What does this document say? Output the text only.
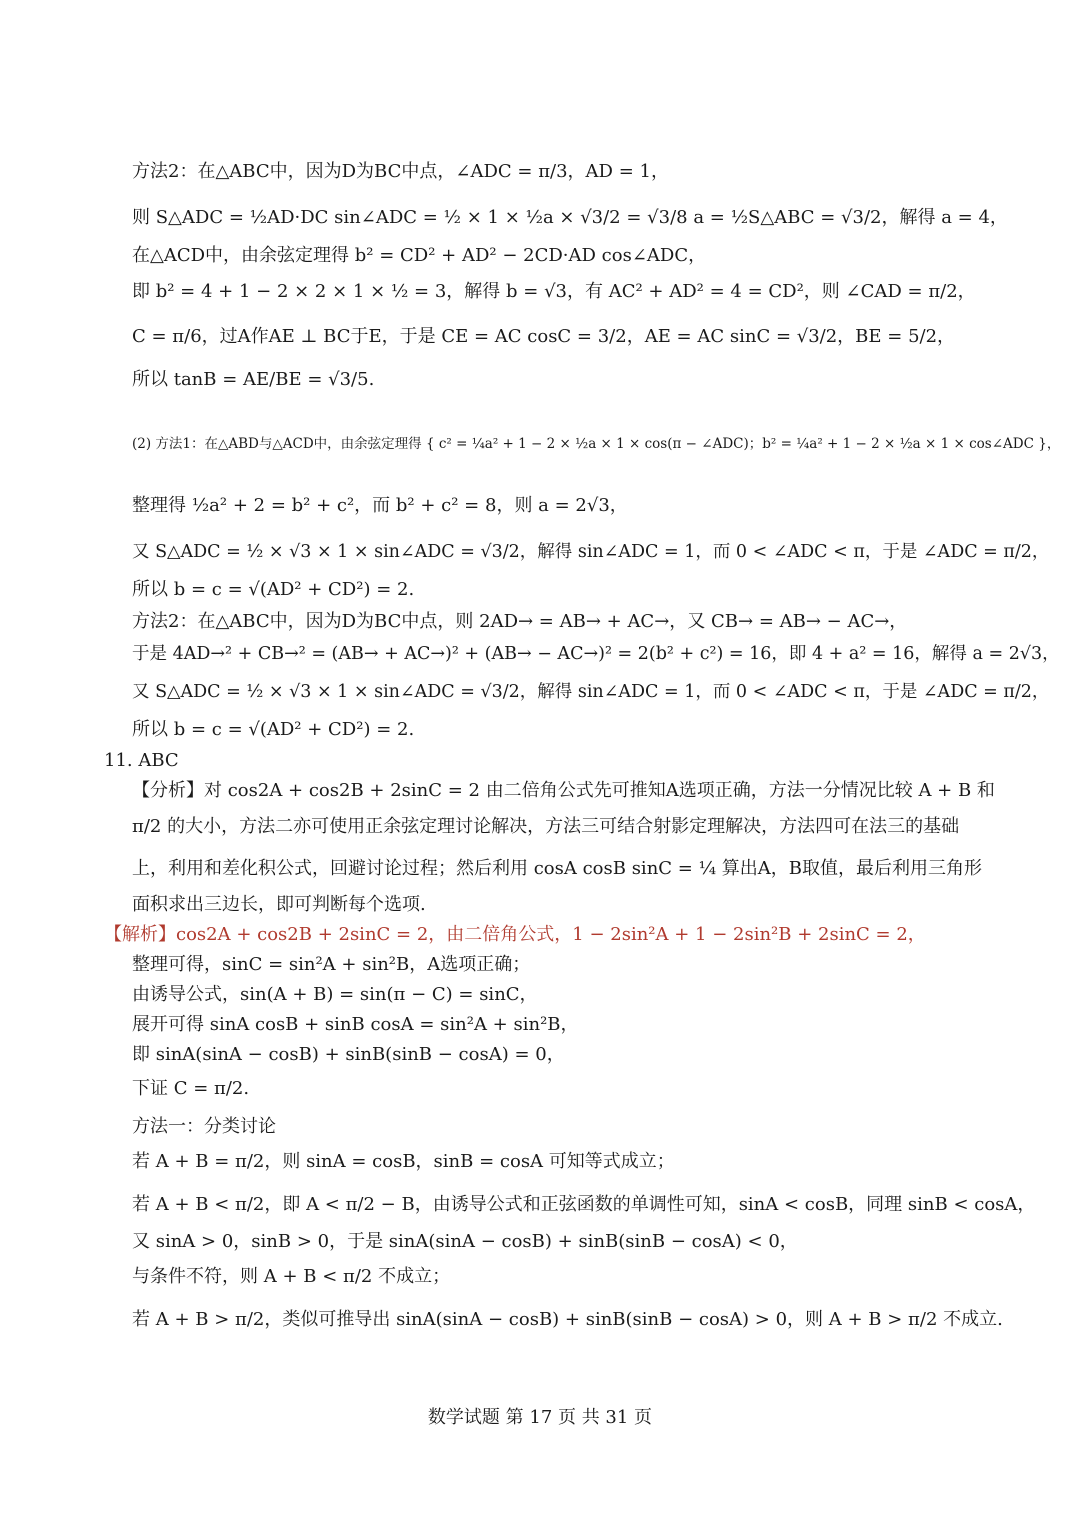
方法2：在△ABC中，因为D为BC中点，∠ADC = π/3，AD = 1，
则 S△ADC = ½AD·DC sin∠ADC = ½ × 1 × ½a × √3/2 = √3/8 a = ½S△ABC = √3/2，解得 a = 4，
在△ACD中，由余弦定理得 b² = CD² + AD² − 2CD·AD cos∠ADC，
即 b² = 4 + 1 − 2 × 2 × 1 × ½ = 3，解得 b = √3，有 AC² + AD² = 4 = CD²，则 ∠CAD = π/2，
C = π/6，过A作AE ⊥ BC于E，于是 CE = AC cosC = 3/2，AE = AC sinC = √3/2，BE = 5/2，
所以 tanB = AE/BE = √3/5.
(2) 方法1：在△ABD与△ACD中，由余弦定理得 { c² = ¼a² + 1 − 2 × ½a × 1 × cos(π − ∠ADC)；b² = ¼a² + 1 − 2 × ½a × 1 × cos∠ADC }，
整理得 ½a² + 2 = b² + c²，而 b² + c² = 8，则 a = 2√3，
又 S△ADC = ½ × √3 × 1 × sin∠ADC = √3/2，解得 sin∠ADC = 1，而 0 < ∠ADC < π，于是 ∠ADC = π/2，
所以 b = c = √(AD² + CD²) = 2.
方法2：在△ABC中，因为D为BC中点，则 2AD→ = AB→ + AC→，又 CB→ = AB→ − AC→，
于是 4AD→² + CB→² = (AB→ + AC→)² + (AB→ − AC→)² = 2(b² + c²) = 16，即 4 + a² = 16，解得 a = 2√3，
又 S△ADC = ½ × √3 × 1 × sin∠ADC = √3/2，解得 sin∠ADC = 1，而 0 < ∠ADC < π，于是 ∠ADC = π/2，
所以 b = c = √(AD² + CD²) = 2.
11. ABC
【分析】对 cos2A + cos2B + 2sinC = 2 由二倍角公式先可推知A选项正确，方法一分情况比较 A + B 和
π/2 的大小，方法二亦可使用正余弦定理讨论解决，方法三可结合射影定理解决，方法四可在法三的基础
上，利用和差化积公式，回避讨论过程；然后利用 cosA cosB sinC = ¼ 算出A，B取值，最后利用三角形
面积求出三边长，即可判断每个选项.
【解析】cos2A + cos2B + 2sinC = 2，由二倍角公式，1 − 2sin²A + 1 − 2sin²B + 2sinC = 2，
整理可得，sinC = sin²A + sin²B，A选项正确；
由诱导公式，sin(A + B) = sin(π − C) = sinC，
展开可得 sinA cosB + sinB cosA = sin²A + sin²B，
即 sinA(sinA − cosB) + sinB(sinB − cosA) = 0，
下证 C = π/2.
方法一：分类讨论
若 A + B = π/2，则 sinA = cosB，sinB = cosA 可知等式成立；
若 A + B < π/2，即 A < π/2 − B，由诱导公式和正弦函数的单调性可知，sinA < cosB，同理 sinB < cosA，
又 sinA > 0，sinB > 0，于是 sinA(sinA − cosB) + sinB(sinB − cosA) < 0，
与条件不符，则 A + B < π/2 不成立；
若 A + B > π/2，类似可推导出 sinA(sinA − cosB) + sinB(sinB − cosA) > 0，则 A + B > π/2 不成立.
数学试题 第 17 页 共 31 页
